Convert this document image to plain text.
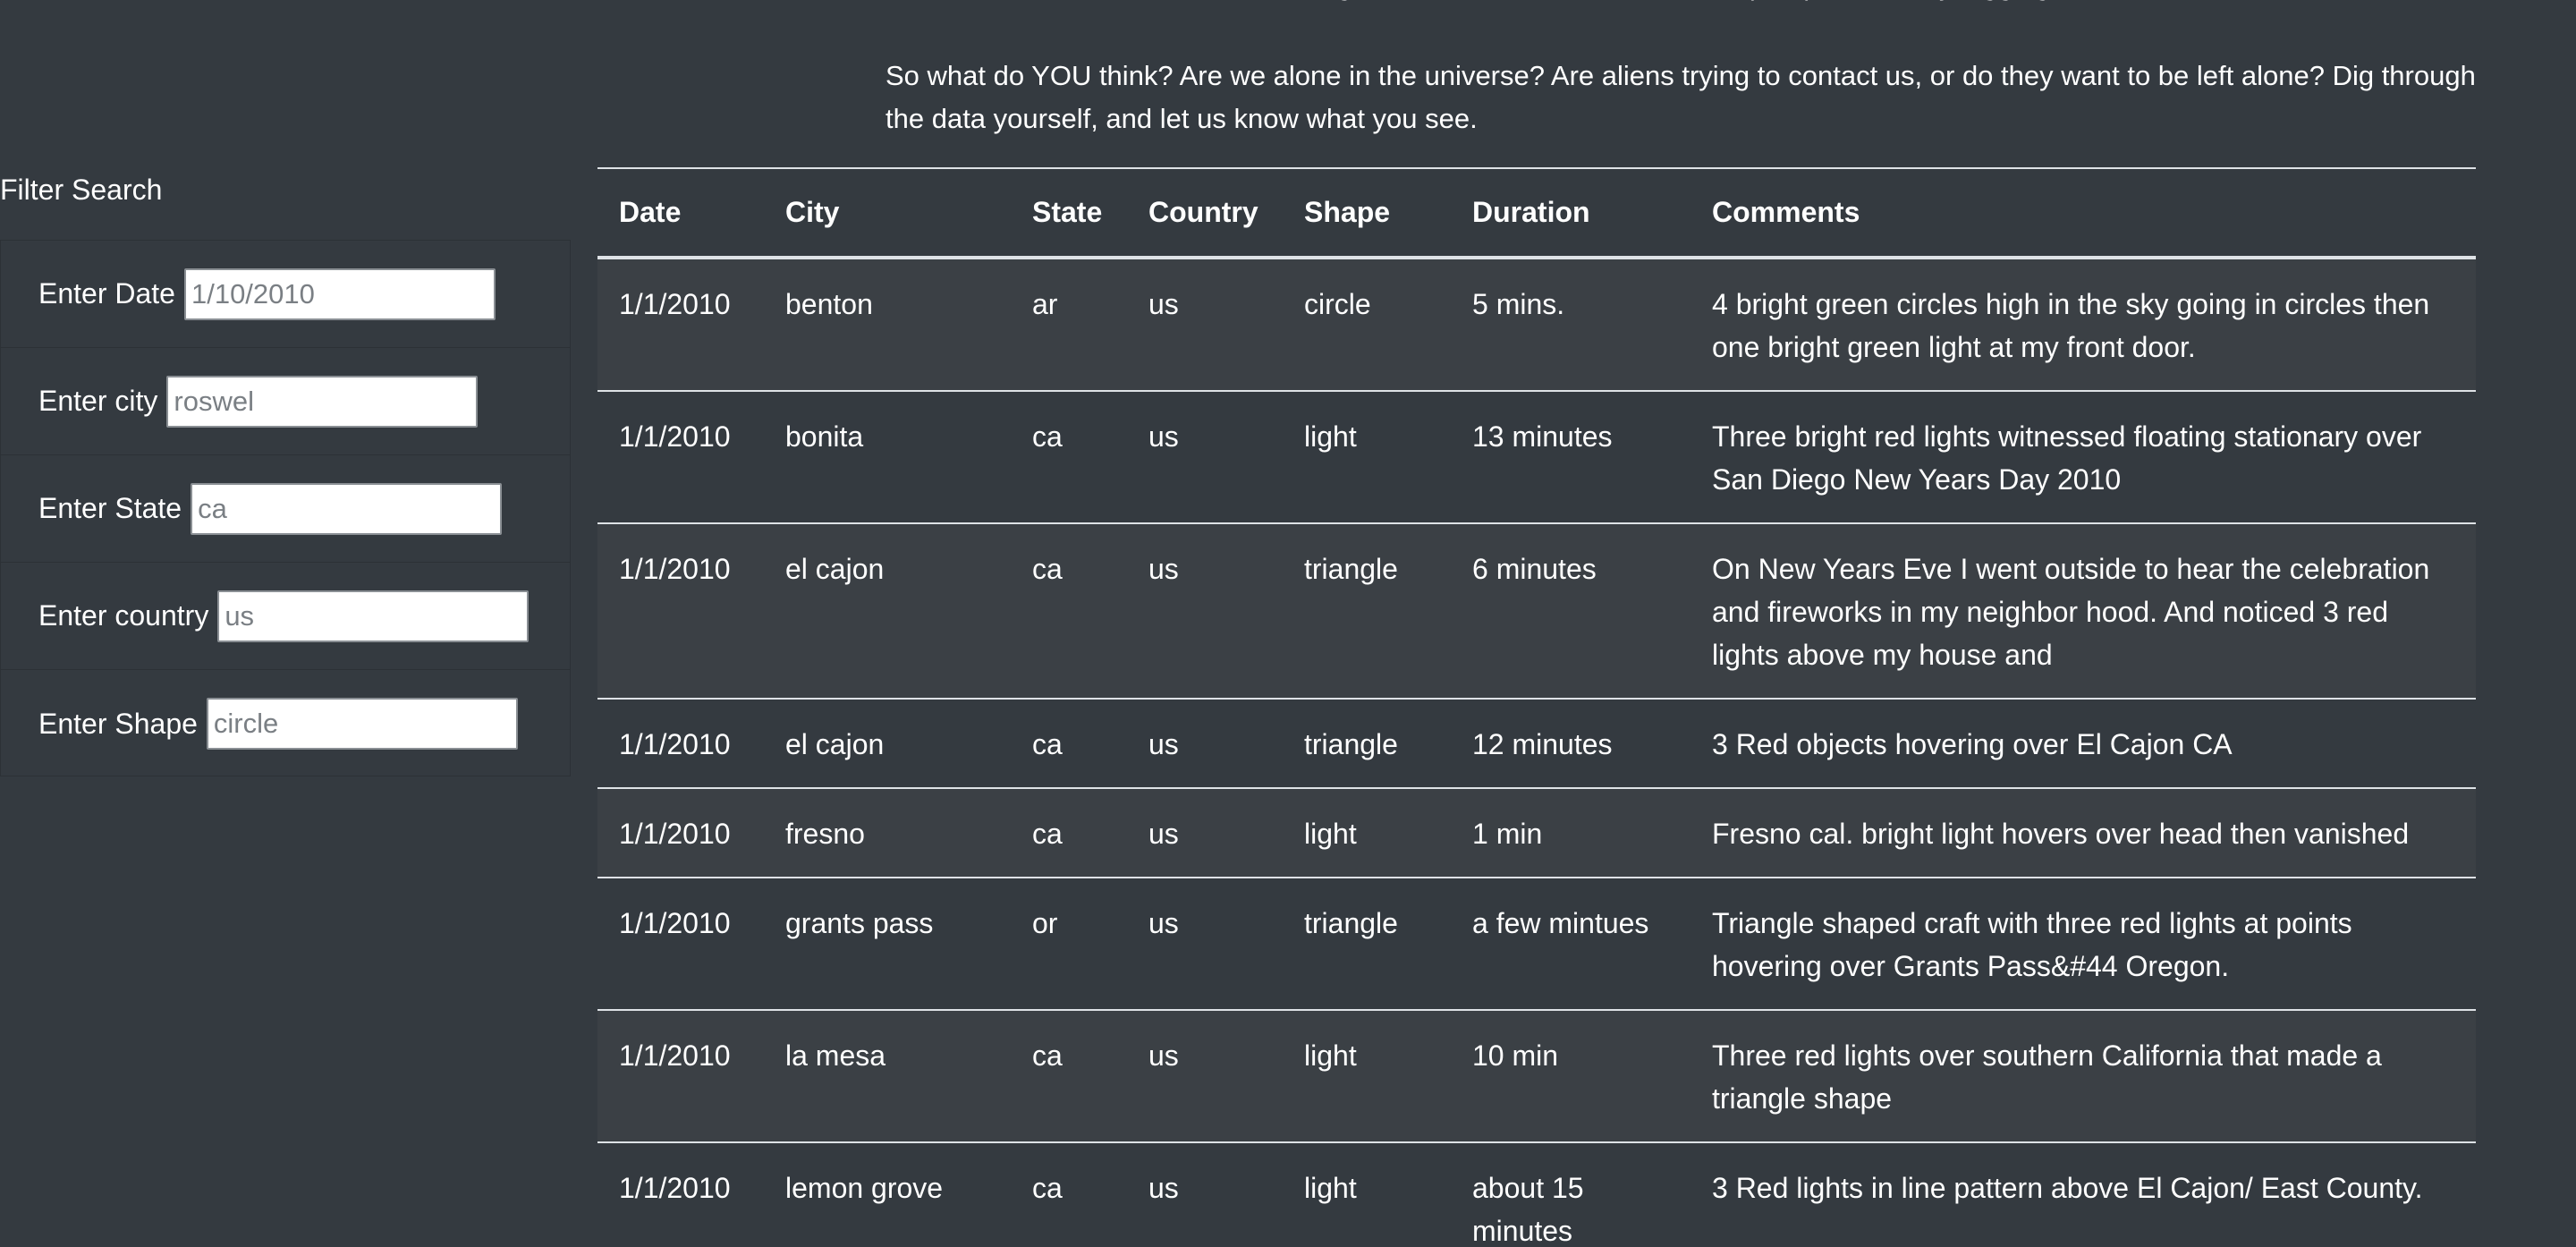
So what do YOU think? Are we alone in the universe? Are aliens trying to contact us, or do they want to be left alone? Dig through the data yourself, and let us know what you see.

Filter Search
Enter Date
1/10/2010
Enter city
roswel
Enter State
ca
Enter country
us
Enter Shape
circle
Date	City	State	Country	Shape	Duration	Comments
1/1/2010	benton	ar	us	circle	5 mins.	4 bright green circles high in the sky going in circles then one bright green light at my front door.
1/1/2010	bonita	ca	us	light	13 minutes	Three bright red lights witnessed floating stationary over San Diego New Years Day 2010
1/1/2010	el cajon	ca	us	triangle	6 minutes	On New Years Eve I went outside to hear the celebration and fireworks in my neighbor hood. And noticed 3 red lights above my house and
1/1/2010	el cajon	ca	us	triangle	12 minutes	3 Red objects hovering over El Cajon CA
1/1/2010	fresno	ca	us	light	1 min	Fresno cal. bright light hovers over head then vanished
1/1/2010	grants pass	or	us	triangle	a few mintues	Triangle shaped craft with three red lights at points hovering over Grants Pass&#44 Oregon.
1/1/2010	la mesa	ca	us	light	10 min	Three red lights over southern California that made a triangle shape
1/1/2010	lemon grove	ca	us	light	about 15 minutes	3 Red lights in line pattern above El Cajon/ East County.
